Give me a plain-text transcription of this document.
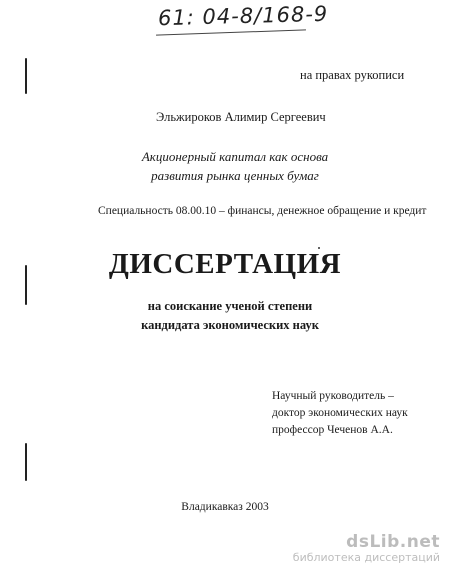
61: 04-8/168-9
на правах рукописи
Эльжироков Алимир Сергеевич
Акционерный капитал как основа
развития рынка ценных бумаг
Специальность 08.00.10 – финансы, денежное обращение и кредит
ДИССЕРТАЦИЯ
на соискание ученой степени
кандидата экономических наук
Научный руководитель –
доктор экономических наук
профессор Чеченов А.А.
Владикавказ 2003
dsLib.net
библиотека диссертаций
